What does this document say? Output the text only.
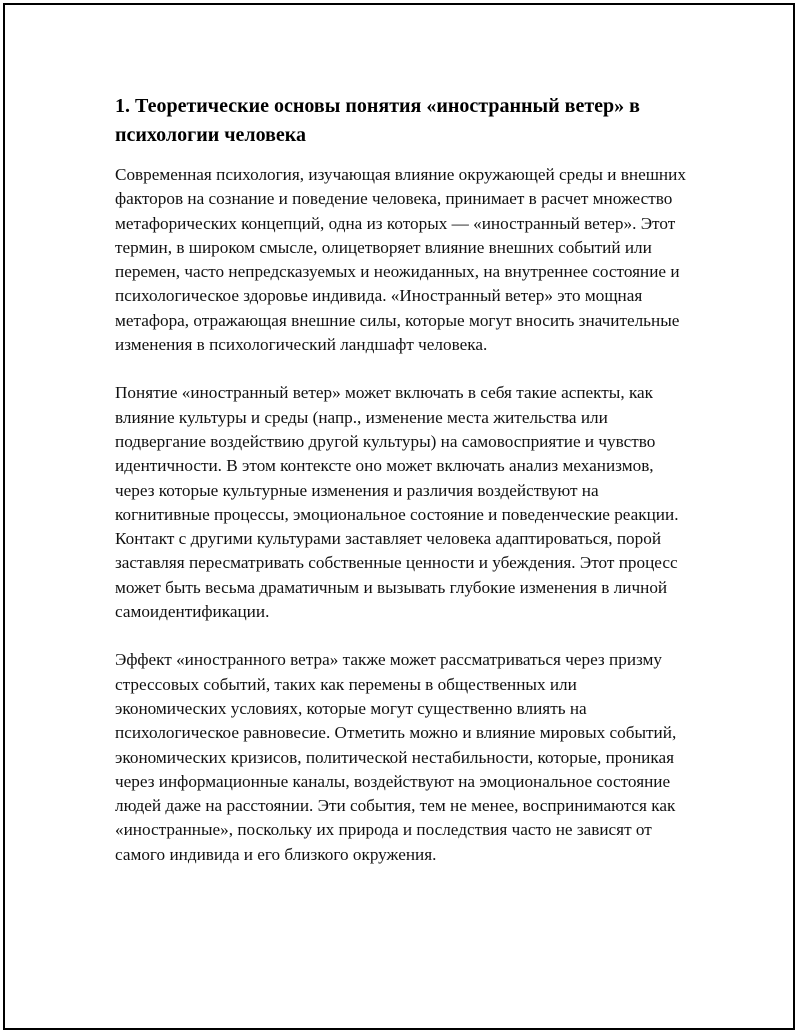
1. Теоретические основы понятия «иностранный ветер» в психологии человека

Современная психология, изучающая влияние окружающей среды и внешних факторов на сознание и поведение человека, принимает в расчет множество метафорических концепций, одна из которых — «иностранный ветер». Этот термин, в широком смысле, олицетворяет влияние внешних событий или перемен, часто непредсказуемых и неожиданных, на внутреннее состояние и психологическое здоровье индивида. «Иностранный ветер» это мощная метафора, отражающая внешние силы, которые могут вносить значительные изменения в психологический ландшафт человека.

Понятие «иностранный ветер» может включать в себя такие аспекты, как влияние культуры и среды (напр., изменение места жительства или подвергание воздействию другой культуры) на самовосприятие и чувство идентичности. В этом контексте оно может включать анализ механизмов, через которые культурные изменения и различия воздействуют на когнитивные процессы, эмоциональное состояние и поведенческие реакции. Контакт с другими культурами заставляет человека адаптироваться, порой заставляя пересматривать собственные ценности и убеждения. Этот процесс может быть весьма драматичным и вызывать глубокие изменения в личной самоидентификации.

Эффект «иностранного ветра» также может рассматриваться через призму стрессовых событий, таких как перемены в общественных или экономических условиях, которые могут существенно влиять на психологическое равновесие. Отметить можно и влияние мировых событий, экономических кризисов, политической нестабильности, которые, проникая через информационные каналы, воздействуют на эмоциональное состояние людей даже на расстоянии. Эти события, тем не менее, воспринимаются как «иностранные», поскольку их природа и последствия часто не зависят от самого индивида и его близкого окружения.
